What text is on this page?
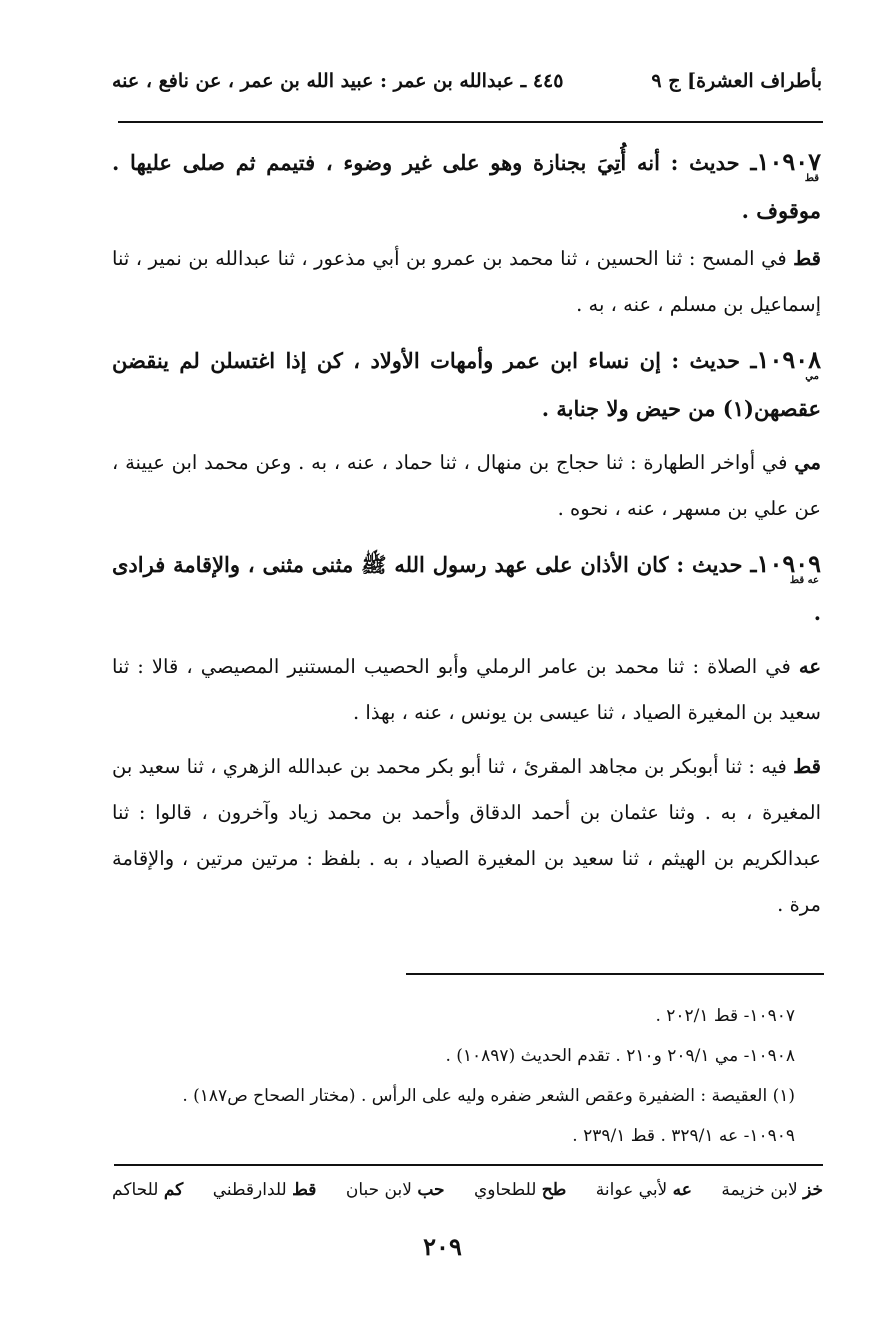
بأطراف العشرة] ج ٩
٤٤٥ ـ عبدالله بن عمر : عبيد الله بن عمر ، عن نافع ، عنه
١٠٩٠٧
قط
ـ حديث : أنه أُتِيَ بجنازة وهو على غير وضوء ، فتيمم ثم صلى عليها . موقوف .
قط في المسح : ثنا الحسين ، ثنا محمد بن عمرو بن أبي مذعور ، ثنا عبدالله بن نمير ، ثنا إسماعيل بن مسلم ، عنه ، به .
١٠٩٠٨
مي
ـ حديث : إن نساء ابن عمر وأمهات الأولاد ، كن إذا اغتسلن لم ينقضن عقصهن(١) من حيض ولا جنابة .
مي في أواخر الطهارة : ثنا حجاج بن منهال ، ثنا حماد ، عنه ، به . وعن محمد ابن عيينة ، عن علي بن مسهر ، عنه ، نحوه .
١٠٩٠٩
عه قط
ـ حديث : كان الأذان على عهد رسول الله ﷺ مثنى مثنى ، والإقامة فرادى .
عه في الصلاة : ثنا محمد بن عامر الرملي وأبو الحصيب المستنير المصيصي ، قالا : ثنا سعيد بن المغيرة الصياد ، ثنا عيسى بن يونس ، عنه ، بهذا .
قط فيه : ثنا أبوبكر بن مجاهد المقرئ ، ثنا أبو بكر محمد بن عبدالله الزهري ، ثنا سعيد بن المغيرة ، به . وثنا عثمان بن أحمد الدقاق وأحمد بن محمد زياد وآخرون ، قالوا : ثنا عبدالكريم بن الهيثم ، ثنا سعيد بن المغيرة الصياد ، به . بلفظ : مرتين مرتين ، والإقامة مرة .
١٠٩٠٧- قط ٢٠٢/١ .
١٠٩٠٨- مي ٢٠٩/١ و٢١٠ . تقدم الحديث (١٠٨٩٧) .
(١) العقيصة : الضفيرة وعقص الشعر ضفره وليه على الرأس . (مختار الصحاح ص١٨٧) .
١٠٩٠٩- عه ٣٢٩/١ . قط ٢٣٩/١ .
خز لابن خزيمة
عه لأبي عوانة
طح للطحاوي
حب لابن حبان
قط للدارقطني
كم للحاكم
٢٠٩
